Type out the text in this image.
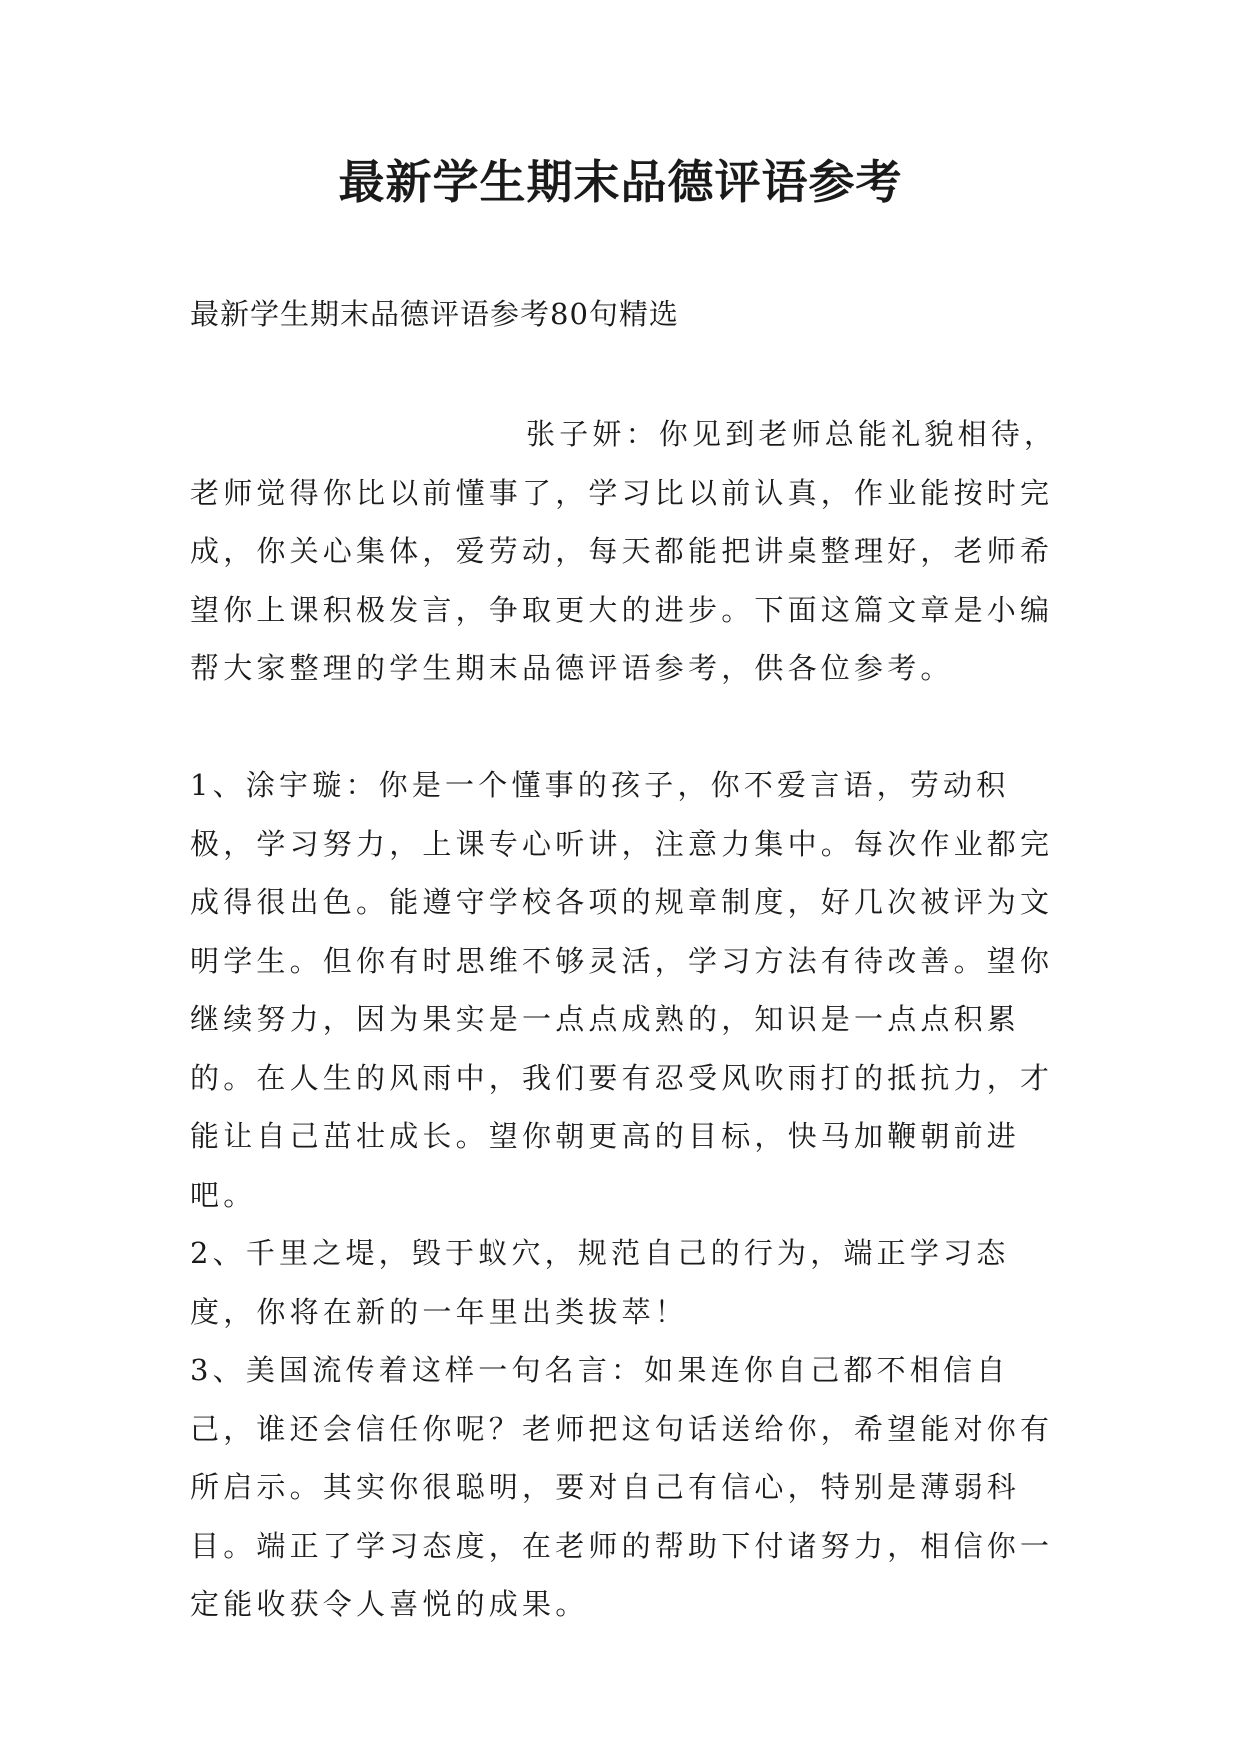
最新学生期末品德评语参考

最新学生期末品德评语参考80句精选

张子妍：你见到老师总能礼貌相待，老师觉得你比以前懂事了，学习比以前认真，作业能按时完成，你关心集体，爱劳动，每天都能把讲桌整理好，老师希望你上课积极发言，争取更大的进步。下面这篇文章是小编帮大家整理的学生期末品德评语参考，供各位参考。

1、涂宇璇：你是一个懂事的孩子，你不爱言语，劳动积极，学习努力，上课专心听讲，注意力集中。每次作业都完成得很出色。能遵守学校各项的规章制度，好几次被评为文明学生。但你有时思维不够灵活，学习方法有待改善。望你继续努力，因为果实是一点点成熟的，知识是一点点积累的。在人生的风雨中，我们要有忍受风吹雨打的抵抗力，才能让自己茁壮成长。望你朝更高的目标，快马加鞭朝前进吧。

2、千里之堤，毁于蚁穴，规范自己的行为，端正学习态度，你将在新的一年里出类拔萃！

3、美国流传着这样一句名言：如果连你自己都不相信自己，谁还会信任你呢？老师把这句话送给你，希望能对你有所启示。其实你很聪明，要对自己有信心，特别是薄弱科目。端正了学习态度，在老师的帮助下付诸努力，相信你一定能收获令人喜悦的成果。
